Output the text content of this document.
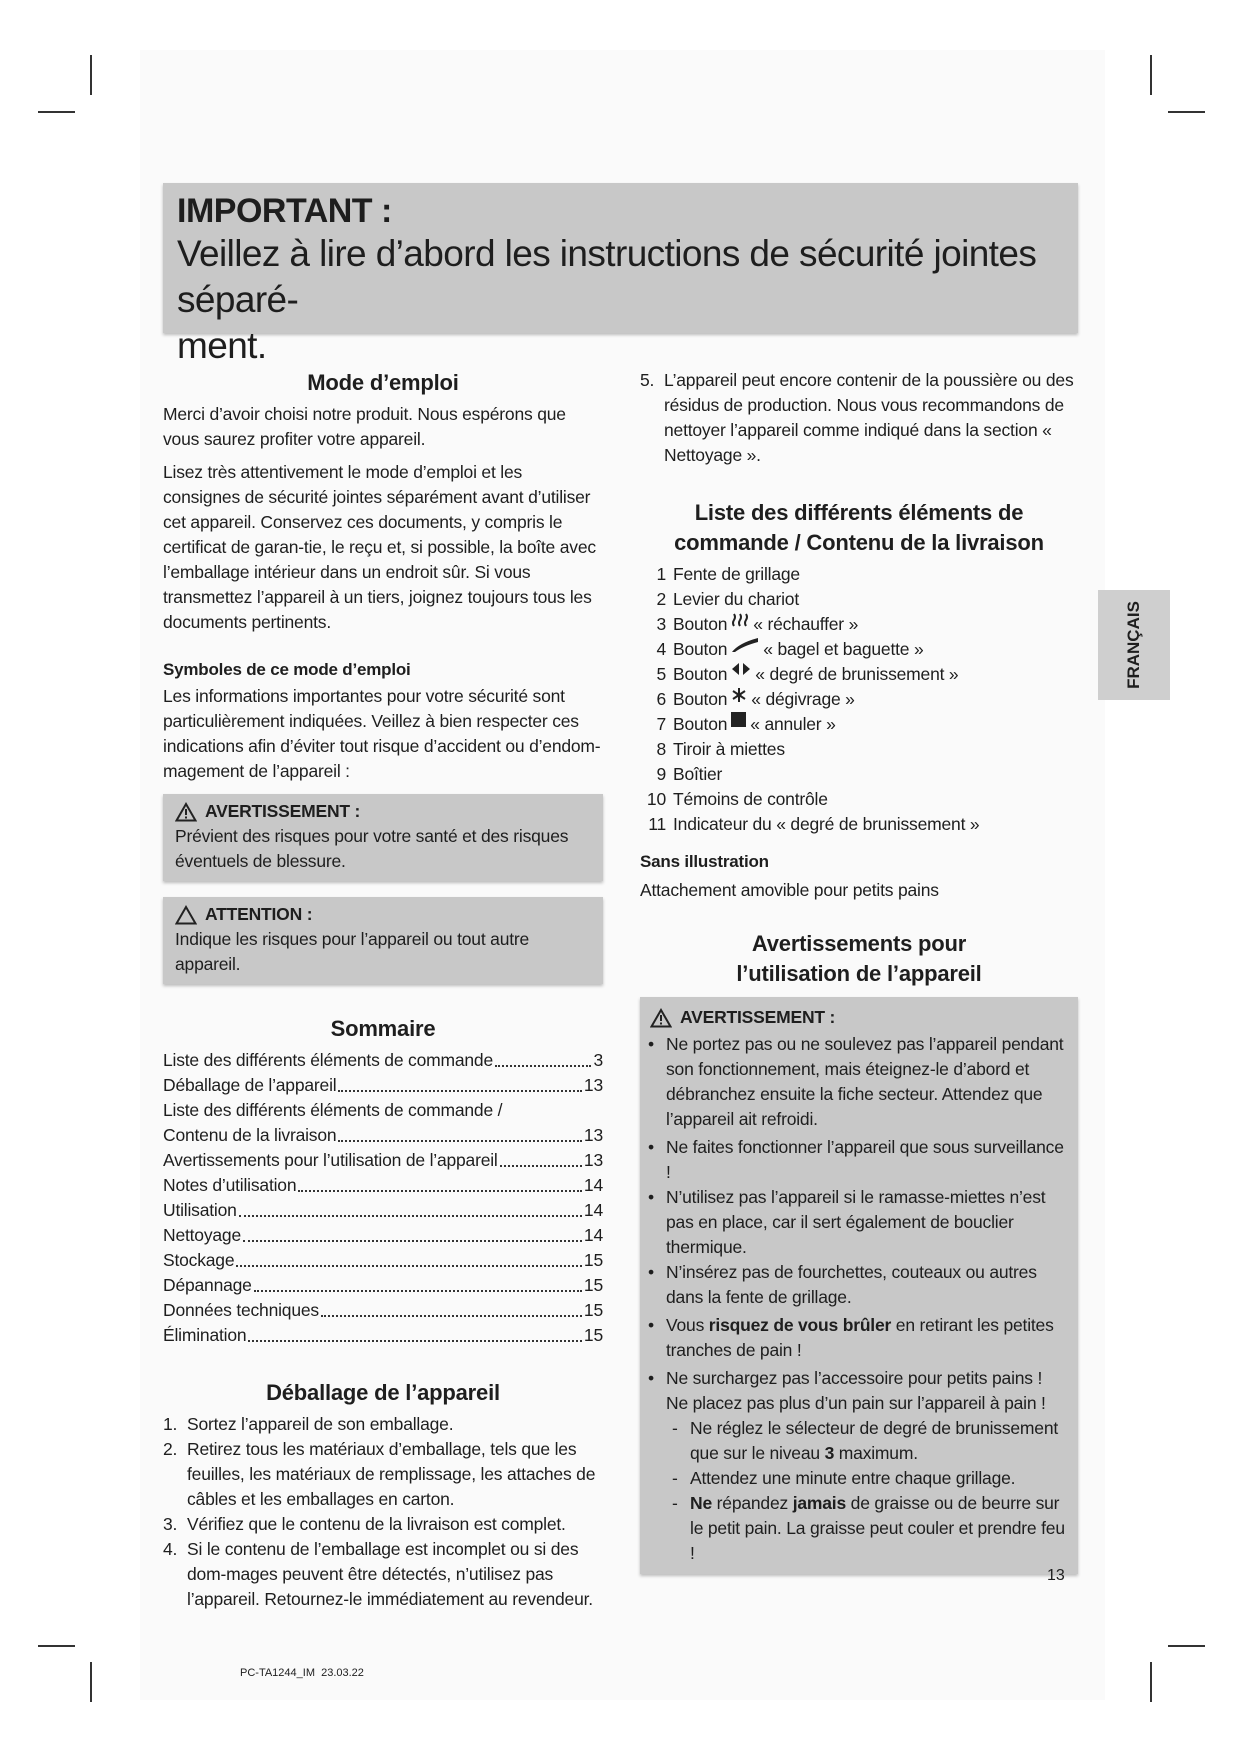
IMPORTANT :
Veillez à lire d’abord les instructions de sécurité jointes séparé-
ment.
Mode d’emploi

Merci d’avoir choisi notre produit. Nous espérons que vous saurez profiter votre appareil.

Lisez très attentivement le mode d’emploi et les consignes de sécurité jointes séparément avant d’utiliser cet appareil. Conservez ces documents, y compris le certificat de garan-tie, le reçu et, si possible, la boîte avec l’emballage intérieur dans un endroit sûr. Si vous transmettez l’appareil à un tiers, joignez toujours tous les documents pertinents.

Symboles de ce mode d’emploi

Les informations importantes pour votre sécurité sont particulièrement indiquées. Veillez à bien respecter ces indications afin d’éviter tout risque d’accident ou d’endom-magement de l’appareil :

AVERTISSEMENT :
Prévient des risques pour votre santé et des risques éventuels de blessure.
ATTENTION :
Indique les risques pour l’appareil ou tout autre appareil.
Sommaire
Liste des différents éléments de commande	3
Déballage de l’appareil	13
Liste des différents éléments de commande /
Contenu de la livraison	13
Avertissements pour l’utilisation de l’appareil	13
Notes d’utilisation	14
Utilisation	14
Nettoyage	14
Stockage	15
Dépannage	15
Données techniques	15
Élimination	15
Déballage de l’appareil
1. Sortez l’appareil de son emballage.
2. Retirez tous les matériaux d’emballage, tels que les feuilles, les matériaux de remplissage, les attaches de câbles et les emballages en carton.
3. Vérifiez que le contenu de la livraison est complet.
4. Si le contenu de l’emballage est incomplet ou si des dom-mages peuvent être détectés, n’utilisez pas l’appareil. Retournez-le immédiatement au revendeur.
5. L’appareil peut encore contenir de la poussière ou des résidus de production. Nous vous recommandons de nettoyer l’appareil comme indiqué dans la section « Nettoyage ».
Liste des différents éléments de
commande / Contenu de la livraison
1 Fente de grillage
2 Levier du chariot
3 Bouton « réchauffer »
4 Bouton « bagel et baguette »
5 Bouton « degré de brunissement »
6 Bouton « dégivrage »
7 Bouton « annuler »
8 Tiroir à miettes
9 Boîtier
10 Témoins de contrôle
11 Indicateur du « degré de brunissement »

Sans illustration

Attachement amovible pour petits pains

Avertissements pour
l’utilisation de l’appareil
AVERTISSEMENT :
• Ne portez pas ou ne soulevez pas l’appareil pendant son fonctionnement, mais éteignez-le d’abord et débranchez ensuite la fiche secteur. Attendez que l’appareil ait refroidi.
• Ne faites fonctionner l’appareil que sous surveillance !
• N’utilisez pas l’appareil si le ramasse-miettes n’est pas en place, car il sert également de bouclier thermique.
• N’insérez pas de fourchettes, couteaux ou autres dans la fente de grillage.
• Vous risquez de vous brûler en retirant les petites tranches de pain !
• Ne surchargez pas l’accessoire pour petits pains ! Ne placez pas plus d’un pain sur l’appareil à pain !
- Ne réglez le sélecteur de degré de brunissement que sur le niveau 3 maximum.
- Attendez une minute entre chaque grillage.
- Ne répandez jamais de graisse ou de beurre sur le petit pain. La graisse peut couler et prendre feu !
FRANÇAIS
13
PC-TA1244_IM  23.03.22
